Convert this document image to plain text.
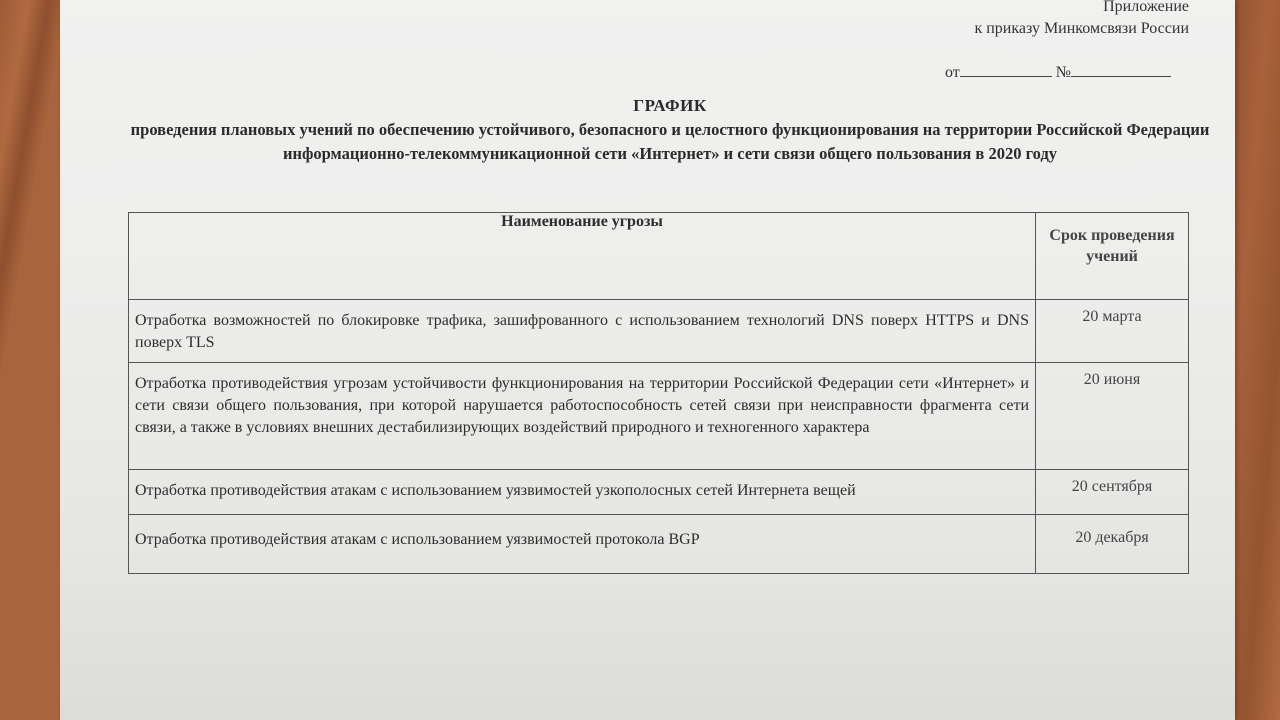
Приложение
к приказу Минкомсвязи России
от	№
ГРАФИК
проведения плановых учений по обеспечению устойчивого, безопасного и целостного функционирования на территории Российской Федерации информационно-телекоммуникационной сети «Интернет» и сети связи общего пользования в 2020 году
Наименование угрозы	Срок проведения учений
Отработка возможностей по блокировке трафика, зашифрованного с использованием технологий DNS поверх HTTPS и DNS поверх TLS	20 марта
Отработка противодействия угрозам устойчивости функционирования на территории Российской Федерации сети «Интернет» и сети связи общего пользования, при которой нарушается работоспособность сетей связи при неисправности фрагмента сети связи, а также в условиях внешних дестабилизирующих воздействий природного и техногенного характера	20 июня
Отработка противодействия атакам с использованием уязвимостей узкополосных сетей Интернета вещей	20 сентября
Отработка противодействия атакам с использованием уязвимостей протокола BGP	20 декабря
